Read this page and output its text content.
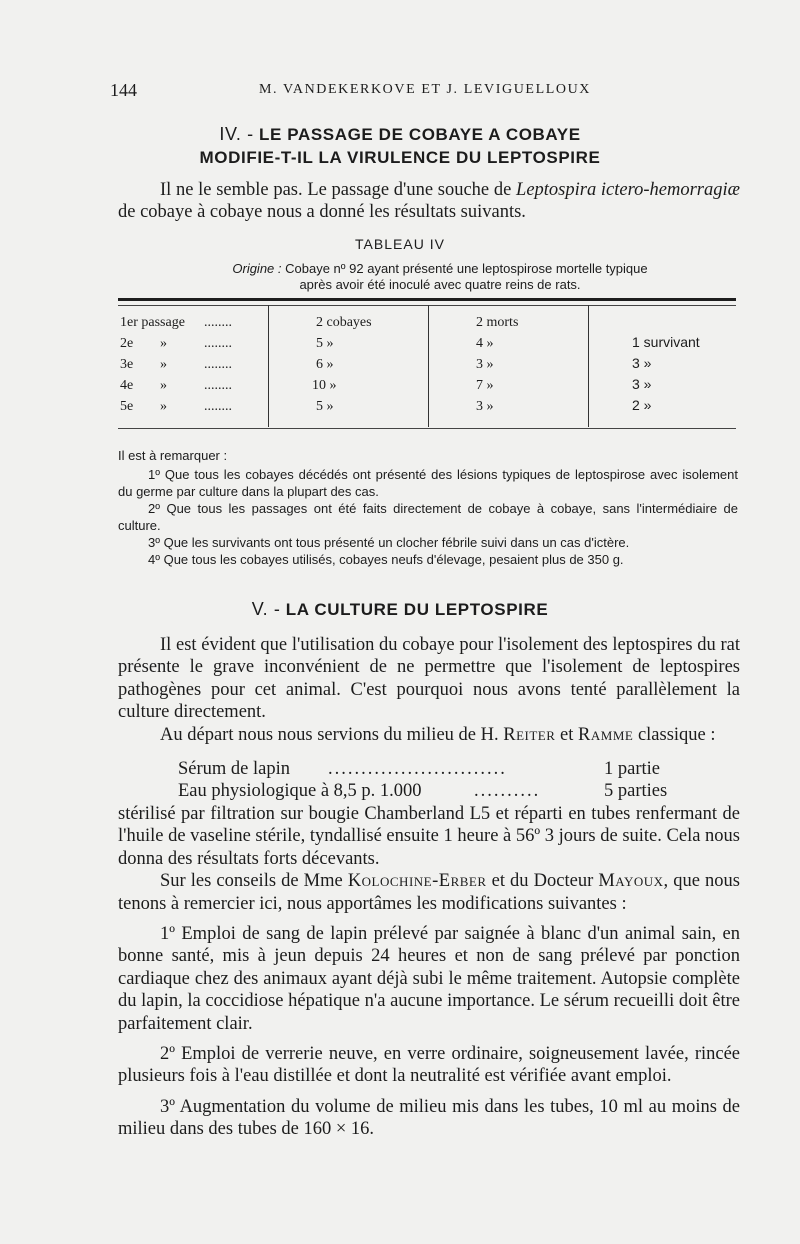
144	M. VANDEKERKOVE ET J. LEVIGUELLOUX
IV. - LE PASSAGE DE COBAYE A COBAYE
MODIFIE-T-IL LA VIRULENCE DU LEPTOSPIRE

Il ne le semble pas. Le passage d'une souche de Leptospira ictero-hemorragiæ de cobaye à cobaye nous a donné les résultats suivants.

TABLEAU IV
Origine : Cobaye nº 92 ayant présenté une leptospirose mortelle typique
après avoir été inoculé avec quatre reins de rats.
1er passage ........	2 cobayes	2 morts
2e »	........	5 »	4 »	1 survivant
3e »	........	6 »	3 »	3 »
4e »	........	10 »	7 »	3 »
5e »	........	5 »	3 »	2 »

Il est à remarquer :

1º Que tous les cobayes décédés ont présenté des lésions typiques de leptospirose avec isolement du germe par culture dans la plupart des cas.

2º Que tous les passages ont été faits directement de cobaye à cobaye, sans l'intermédiaire de culture.

3º Que les survivants ont tous présenté un clocher fébrile suivi dans un cas d'ictère.

4º Que tous les cobayes utilisés, cobayes neufs d'élevage, pesaient plus de 350 g.

V. - LA CULTURE DU LEPTOSPIRE

Il est évident que l'utilisation du cobaye pour l'isolement des leptospires du rat présente le grave inconvénient de ne permettre que l'isolement de leptospires pathogènes pour cet animal. C'est pourquoi nous avons tenté parallèlement la culture directement.

Au départ nous nous servions du milieu de H. Reiter et Ramme classique :

Sérum de lapin ...........................	1 partie
Eau physiologique à 8,5 p. 1.000	..........	5 parties

stérilisé par filtration sur bougie Chamberland L5 et réparti en tubes renfermant de l'huile de vaseline stérile, tyndallisé ensuite 1 heure à 56º 3 jours de suite. Cela nous donna des résultats forts décevants.

Sur les conseils de Mme Kolochine-Erber et du Docteur Mayoux, que nous tenons à remercier ici, nous apportâmes les modifications suivantes :

1º Emploi de sang de lapin prélevé par saignée à blanc d'un animal sain, en bonne santé, mis à jeun depuis 24 heures et non de sang prélevé par ponction cardiaque chez des animaux ayant déjà subi le même traitement. Autopsie complète du lapin, la coccidiose hépatique n'a aucune importance. Le sérum recueilli doit être parfaitement clair.

2º Emploi de verrerie neuve, en verre ordinaire, soigneusement lavée, rincée plusieurs fois à l'eau distillée et dont la neutralité est vérifiée avant emploi.

3º Augmentation du volume de milieu mis dans les tubes, 10 ml au moins de milieu dans des tubes de 160 × 16.
